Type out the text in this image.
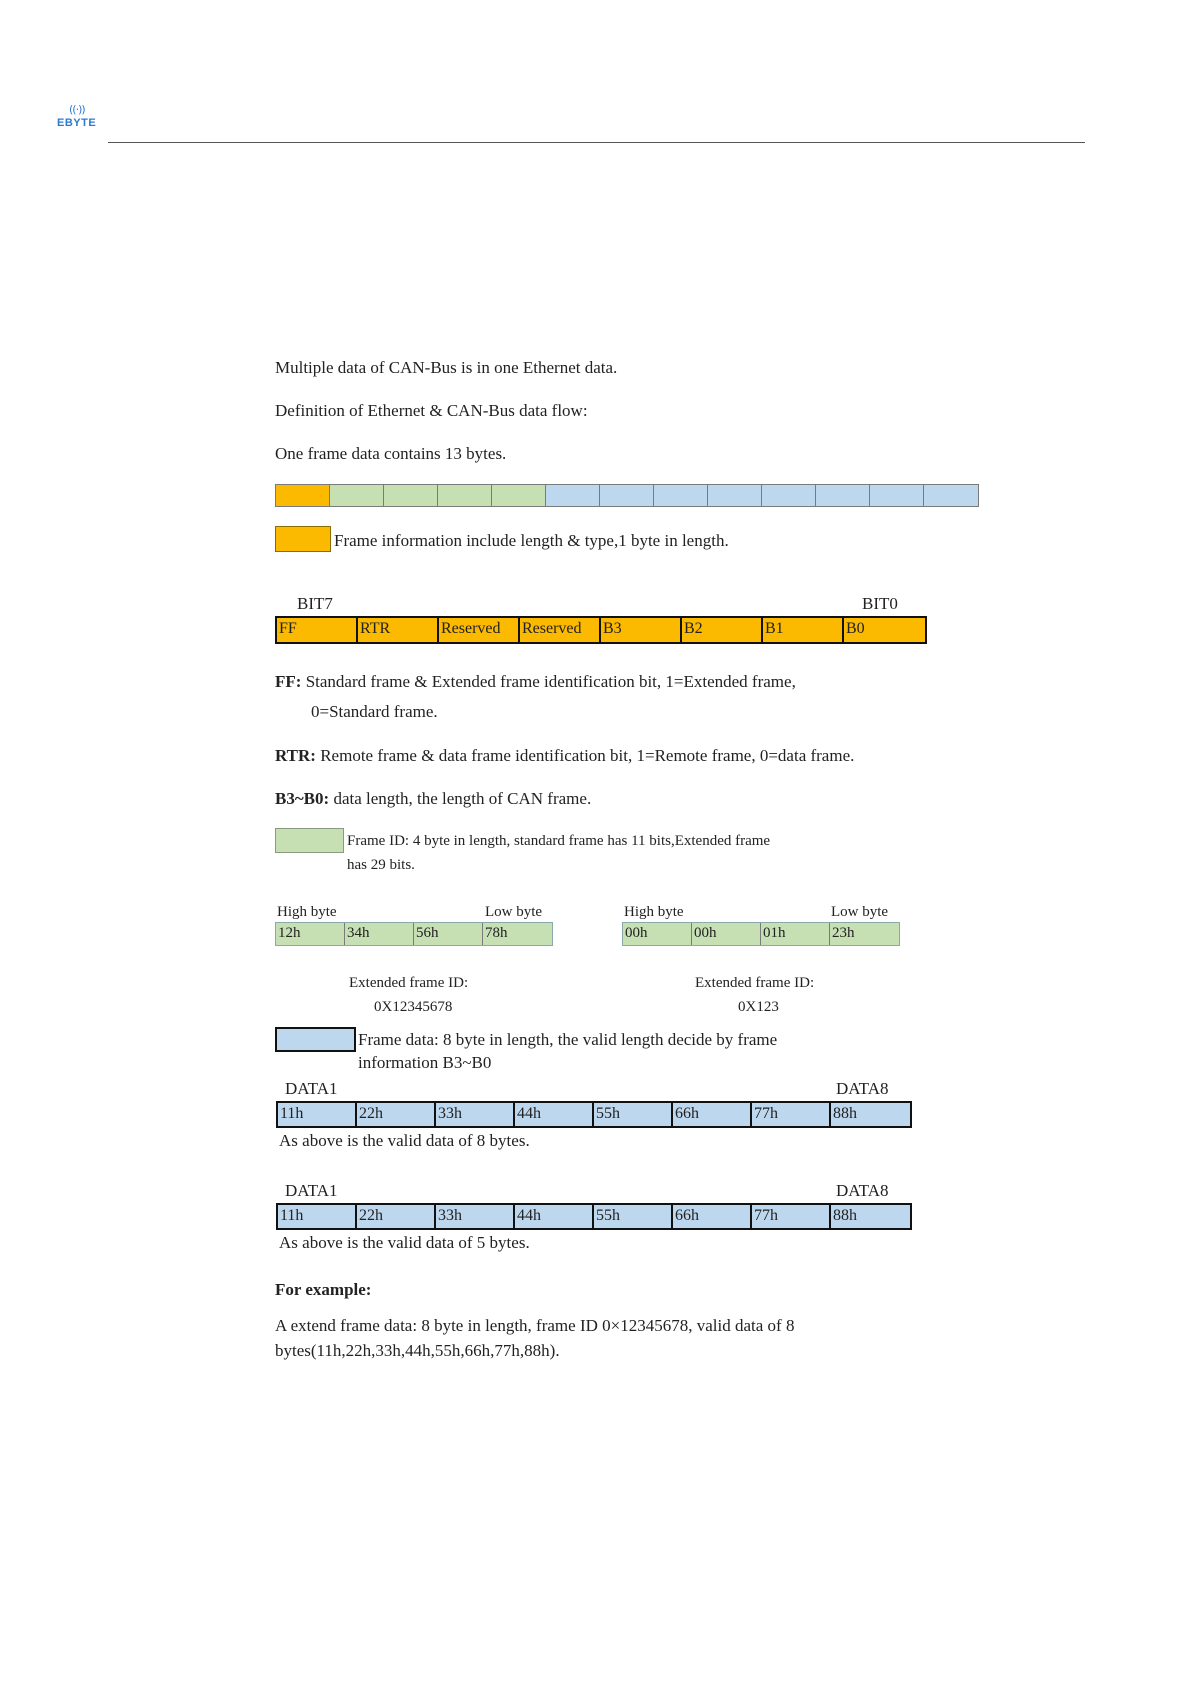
((·))
EBYTE
Multiple data of CAN-Bus is in one Ethernet data.
Definition of Ethernet & CAN-Bus data flow:
One frame data contains 13 bytes.
Frame information include length & type,1 byte in length.
BIT7	BIT0
FF	RTR	Reserved	Reserved	B3	B2	B1	B0
FF: Standard frame & Extended frame identification bit, 1=Extended frame,
0=Standard frame.
RTR: Remote frame & data frame identification bit, 1=Remote frame, 0=data frame.
B3~B0: data length, the length of CAN frame.
Frame ID: 4 byte in length, standard frame has 11 bits,Extended frame
has 29 bits.
High byte	Low byte
12h	34h	56h	78h
Extended frame ID:
0X12345678
High byte	Low byte
00h	00h	01h	23h
Extended frame ID:
0X123
Frame data: 8 byte in length, the valid length decide by frame
information B3~B0
DATA1	DATA8
11h	22h	33h	44h	55h	66h	77h	88h
As above is the valid data of 8 bytes.
DATA1	DATA8
11h	22h	33h	44h	55h	66h	77h	88h
As above is the valid data of 5 bytes.
For example:
A extend frame data: 8 byte in length, frame ID 0×12345678, valid data of 8
bytes(11h,22h,33h,44h,55h,66h,77h,88h).
